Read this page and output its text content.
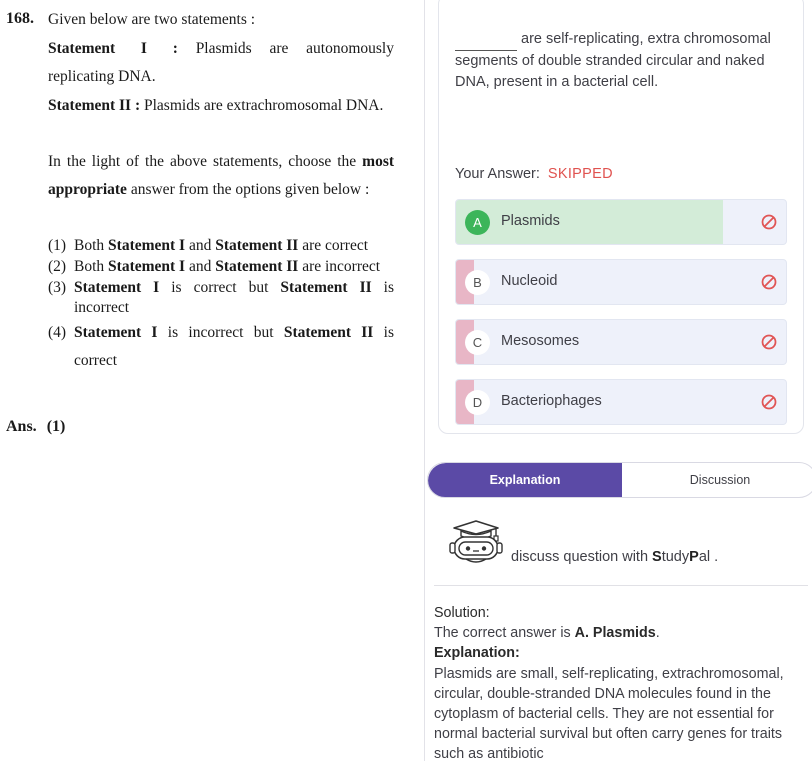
168. Given below are two statements :
Statement I : Plasmids are autonomously replicating DNA.
Statement II : Plasmids are extrachromosomal DNA.
In the light of the above statements, choose the most appropriate answer from the options given below :
(1) Both Statement I and Statement II are correct
(2) Both Statement I and Statement II are incorrect
(3) Statement I is correct but Statement II is incorrect
(4) Statement I is incorrect but Statement II is correct
Ans. (1)
are self-replicating, extra chromosomal segments of double stranded circular and naked DNA, present in a bacterial cell.
Your Answer: SKIPPED
A	Plasmids
B	Nucleoid
C	Mesosomes
D	Bacteriophages
Explanation	Discussion
discuss question with StudyPal .
Solution:
The correct answer is A. Plasmids.
Explanation:
Plasmids are small, self-replicating, extrachromosomal, circular, double-stranded DNA molecules found in the cytoplasm of bacterial cells. They are not essential for normal bacterial survival but often carry genes for traits such as antibiotic
